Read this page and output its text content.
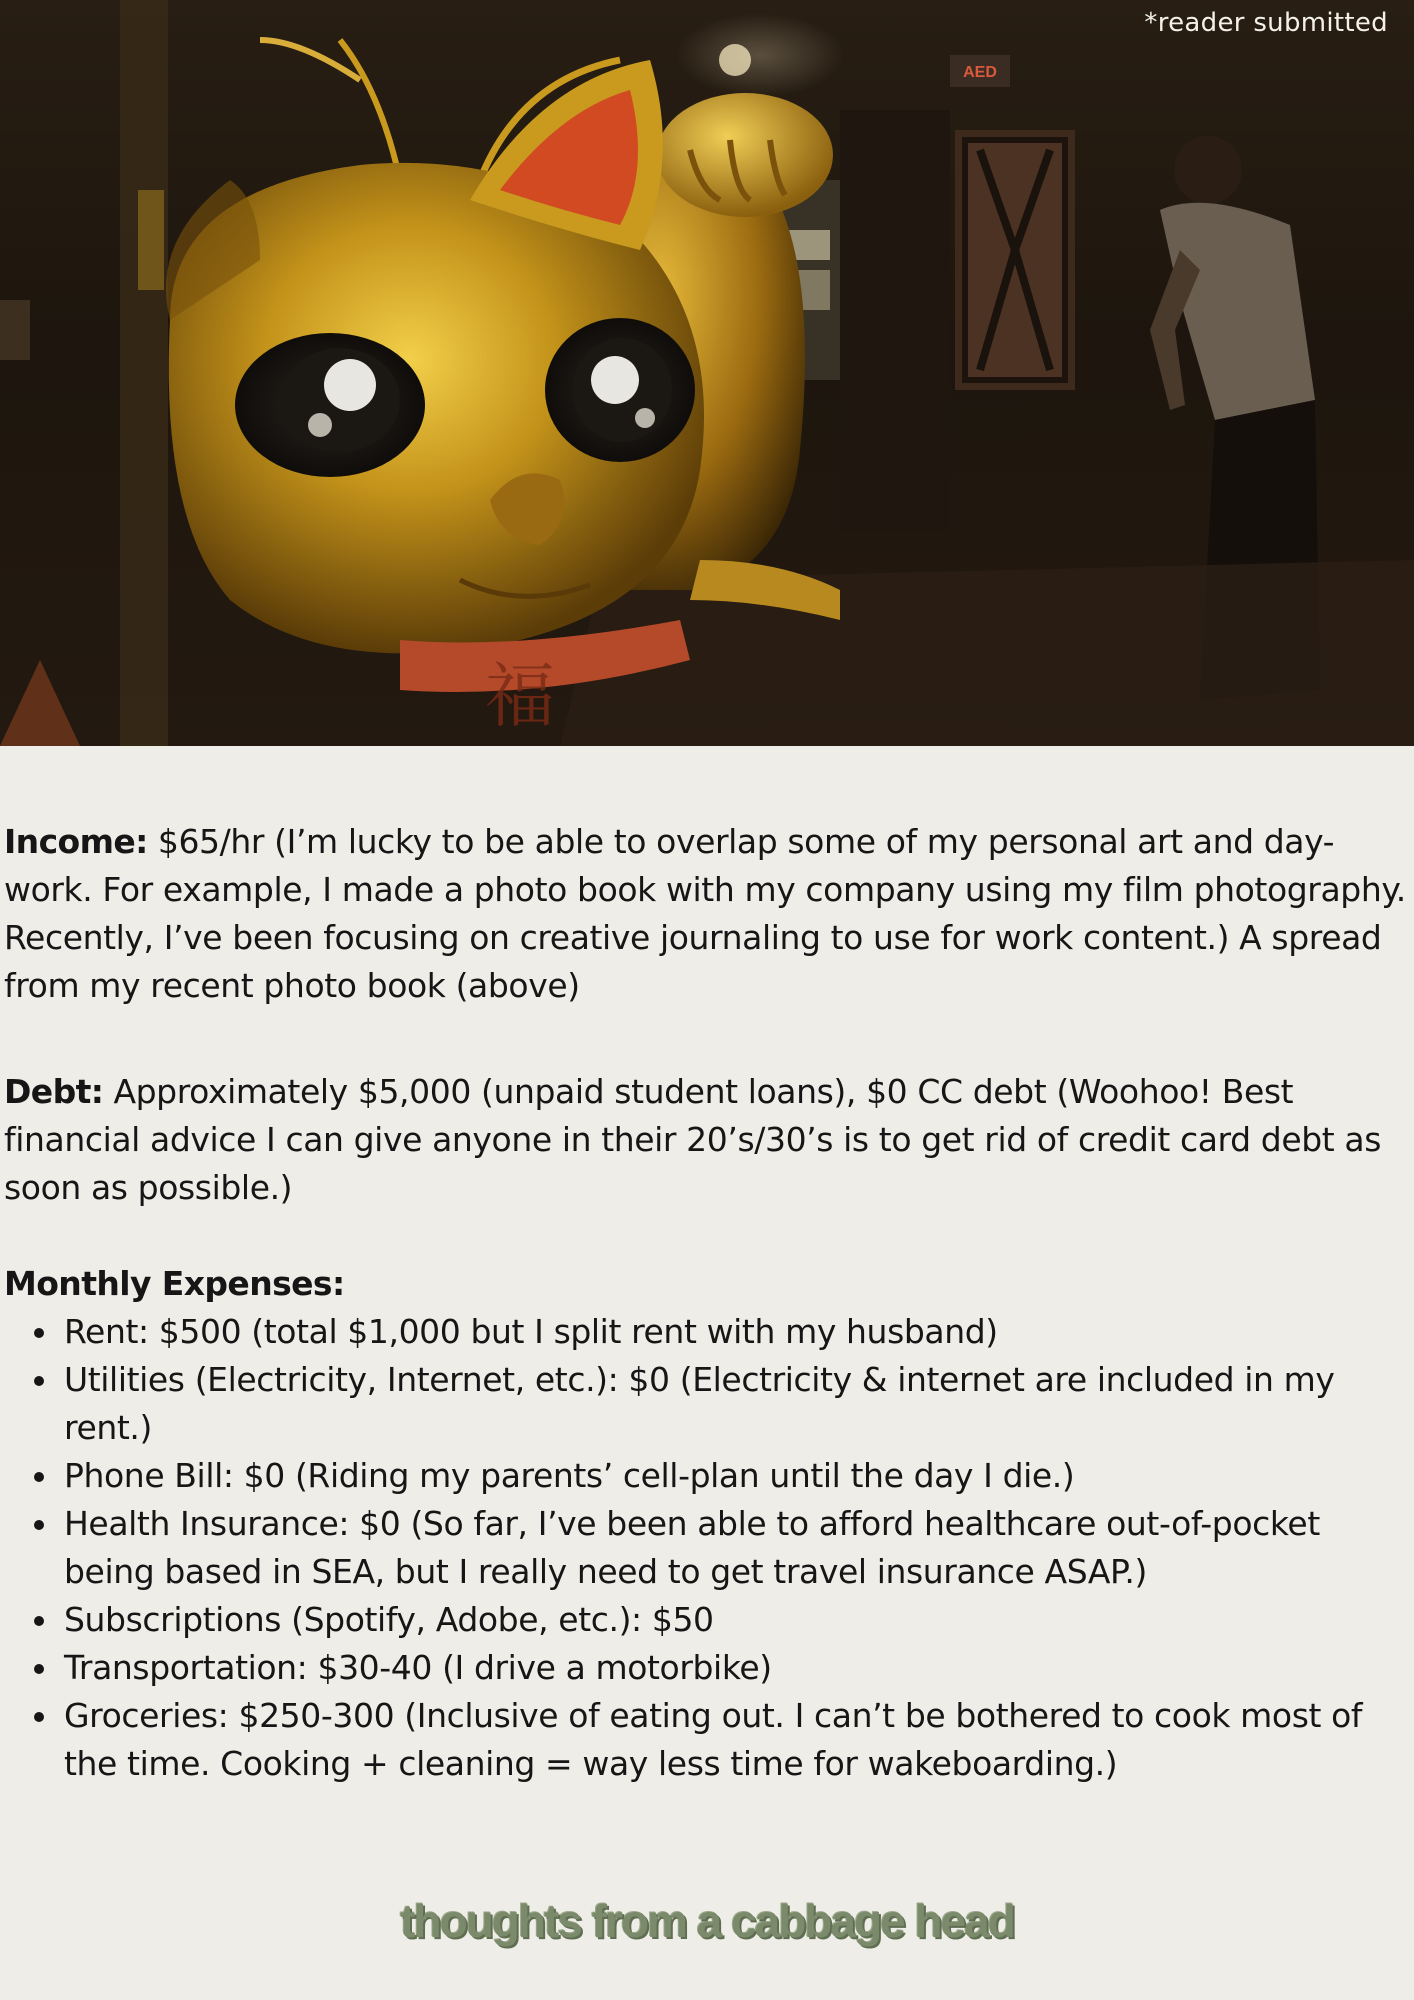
AED
福
*reader submitted

Income: $65/hr (I’m lucky to be able to overlap some of my personal art and day-work. For example, I made a photo book with my company using my film photography. Recently, I’ve been focusing on creative journaling to use for work content.) A spread from my recent photo book (above)

Debt: Approximately $5,000 (unpaid student loans), $0 CC debt (Woohoo! Best financial advice I can give anyone in their 20’s/30’s is to get rid of credit card debt as soon as possible.)

Monthly Expenses:
Rent: $500 (total $1,000 but I split rent with my husband)
Utilities (Electricity, Internet, etc.): $0 (Electricity & internet are included in my rent.)
Phone Bill: $0 (Riding my parents’ cell-plan until the day I die.)
Health Insurance: $0 (So far, I’ve been able to afford healthcare out-of-pocket being based in SEA, but I really need to get travel insurance ASAP.)
Subscriptions (Spotify, Adobe, etc.): $50
Transportation: $30-40 (I drive a motorbike)
Groceries: $250-300 (Inclusive of eating out. I can’t be bothered to cook most of the time. Cooking + cleaning = way less time for wakeboarding.)
thoughts from a cabbage head
